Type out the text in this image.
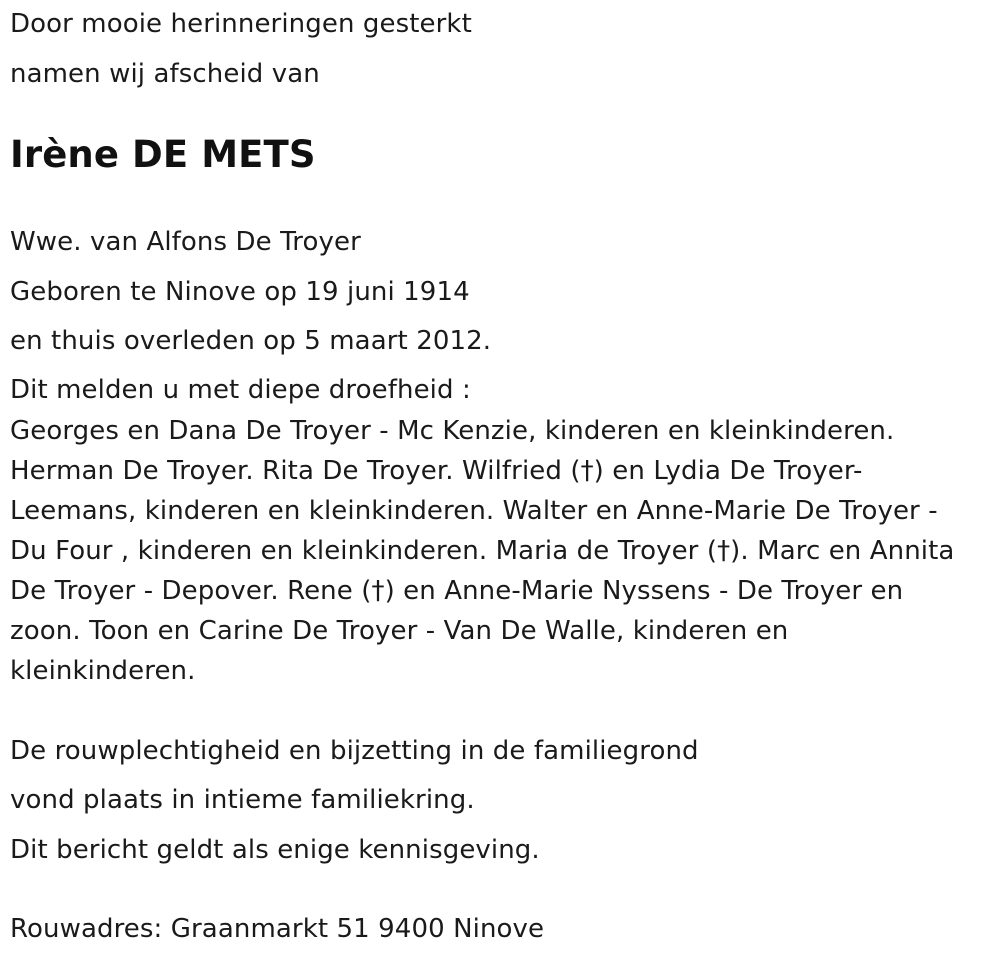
Door mooie herinneringen gesterkt
namen wij afscheid van
Irène DE METS
Wwe. van Alfons De Troyer
Geboren te Ninove op 19 juni 1914
en thuis overleden op 5 maart 2012.
Dit melden u met diepe droefheid :
Georges en Dana De Troyer - Mc Kenzie, kinderen en kleinkinderen.
Herman De Troyer. Rita De Troyer. Wilfried (†) en Lydia De Troyer-
Leemans, kinderen en kleinkinderen. Walter en Anne-Marie De Troyer -
Du Four , kinderen en kleinkinderen. Maria de Troyer (†). Marc en Annita
De Troyer - Depover. Rene (†) en Anne-Marie Nyssens - De Troyer en
zoon. Toon en Carine De Troyer - Van De Walle, kinderen en
kleinkinderen.
De rouwplechtigheid en bijzetting in de familiegrond
vond plaats in intieme familiekring.
Dit bericht geldt als enige kennisgeving.
Rouwadres: Graanmarkt 51 9400 Ninove
